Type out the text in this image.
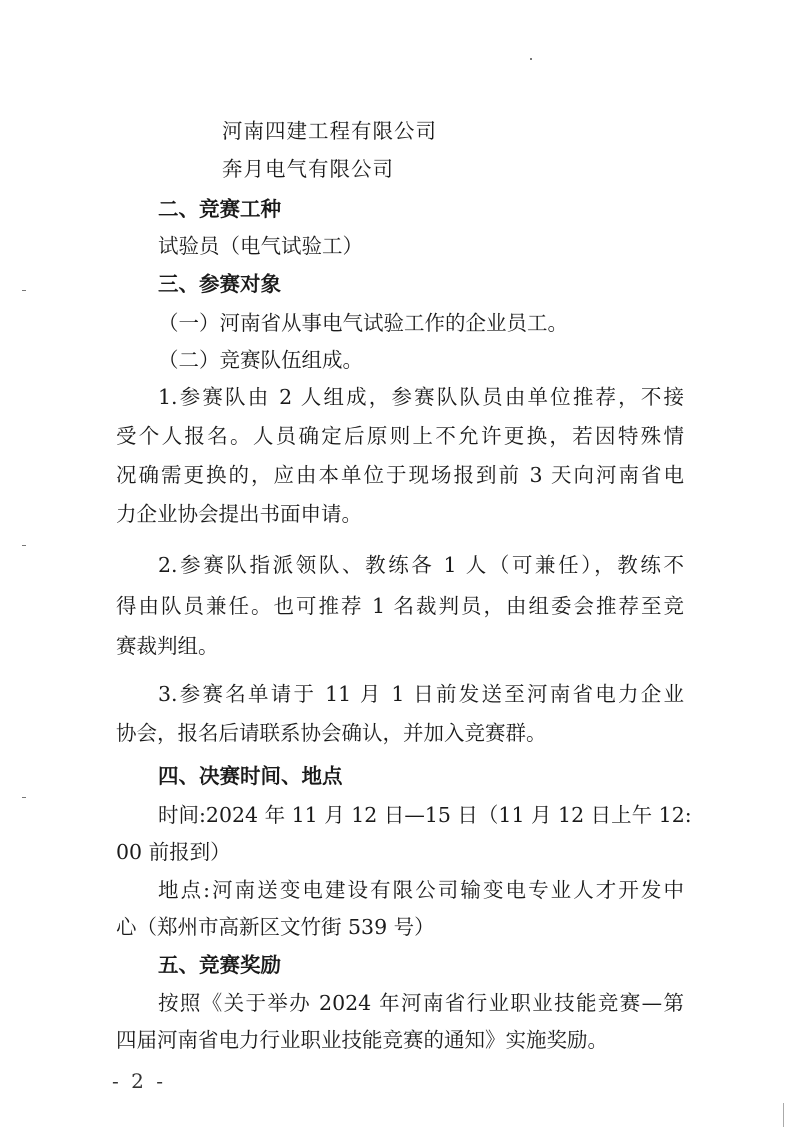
河南四建工程有限公司
奔月电气有限公司
二、竞赛工种
试验员（电气试验工）
三、参赛对象
（一）河南省从事电气试验工作的企业员工。
（二）竞赛队伍组成。
1.参赛队由 2 人组成，参赛队队员由单位推荐，不接
受个人报名。人员确定后原则上不允许更换，若因特殊情
况确需更换的，应由本单位于现场报到前 3 天向河南省电
力企业协会提出书面申请。
2.参赛队指派领队、教练各 1 人（可兼任），教练不
得由队员兼任。也可推荐 1 名裁判员，由组委会推荐至竞
赛裁判组。
3.参赛名单请于 11 月 1 日前发送至河南省电力企业
协会，报名后请联系协会确认，并加入竞赛群。
四、决赛时间、地点
时间:2024 年 11 月 12 日—15 日（11 月 12 日上午 12:
00 前报到）
地点:河南送变电建设有限公司输变电专业人才开发中
心（郑州市高新区文竹街 539 号）
五、竞赛奖励
按照《关于举办 2024 年河南省行业职业技能竞赛—第
四届河南省电力行业职业技能竞赛的通知》实施奖励。
- 2 -
